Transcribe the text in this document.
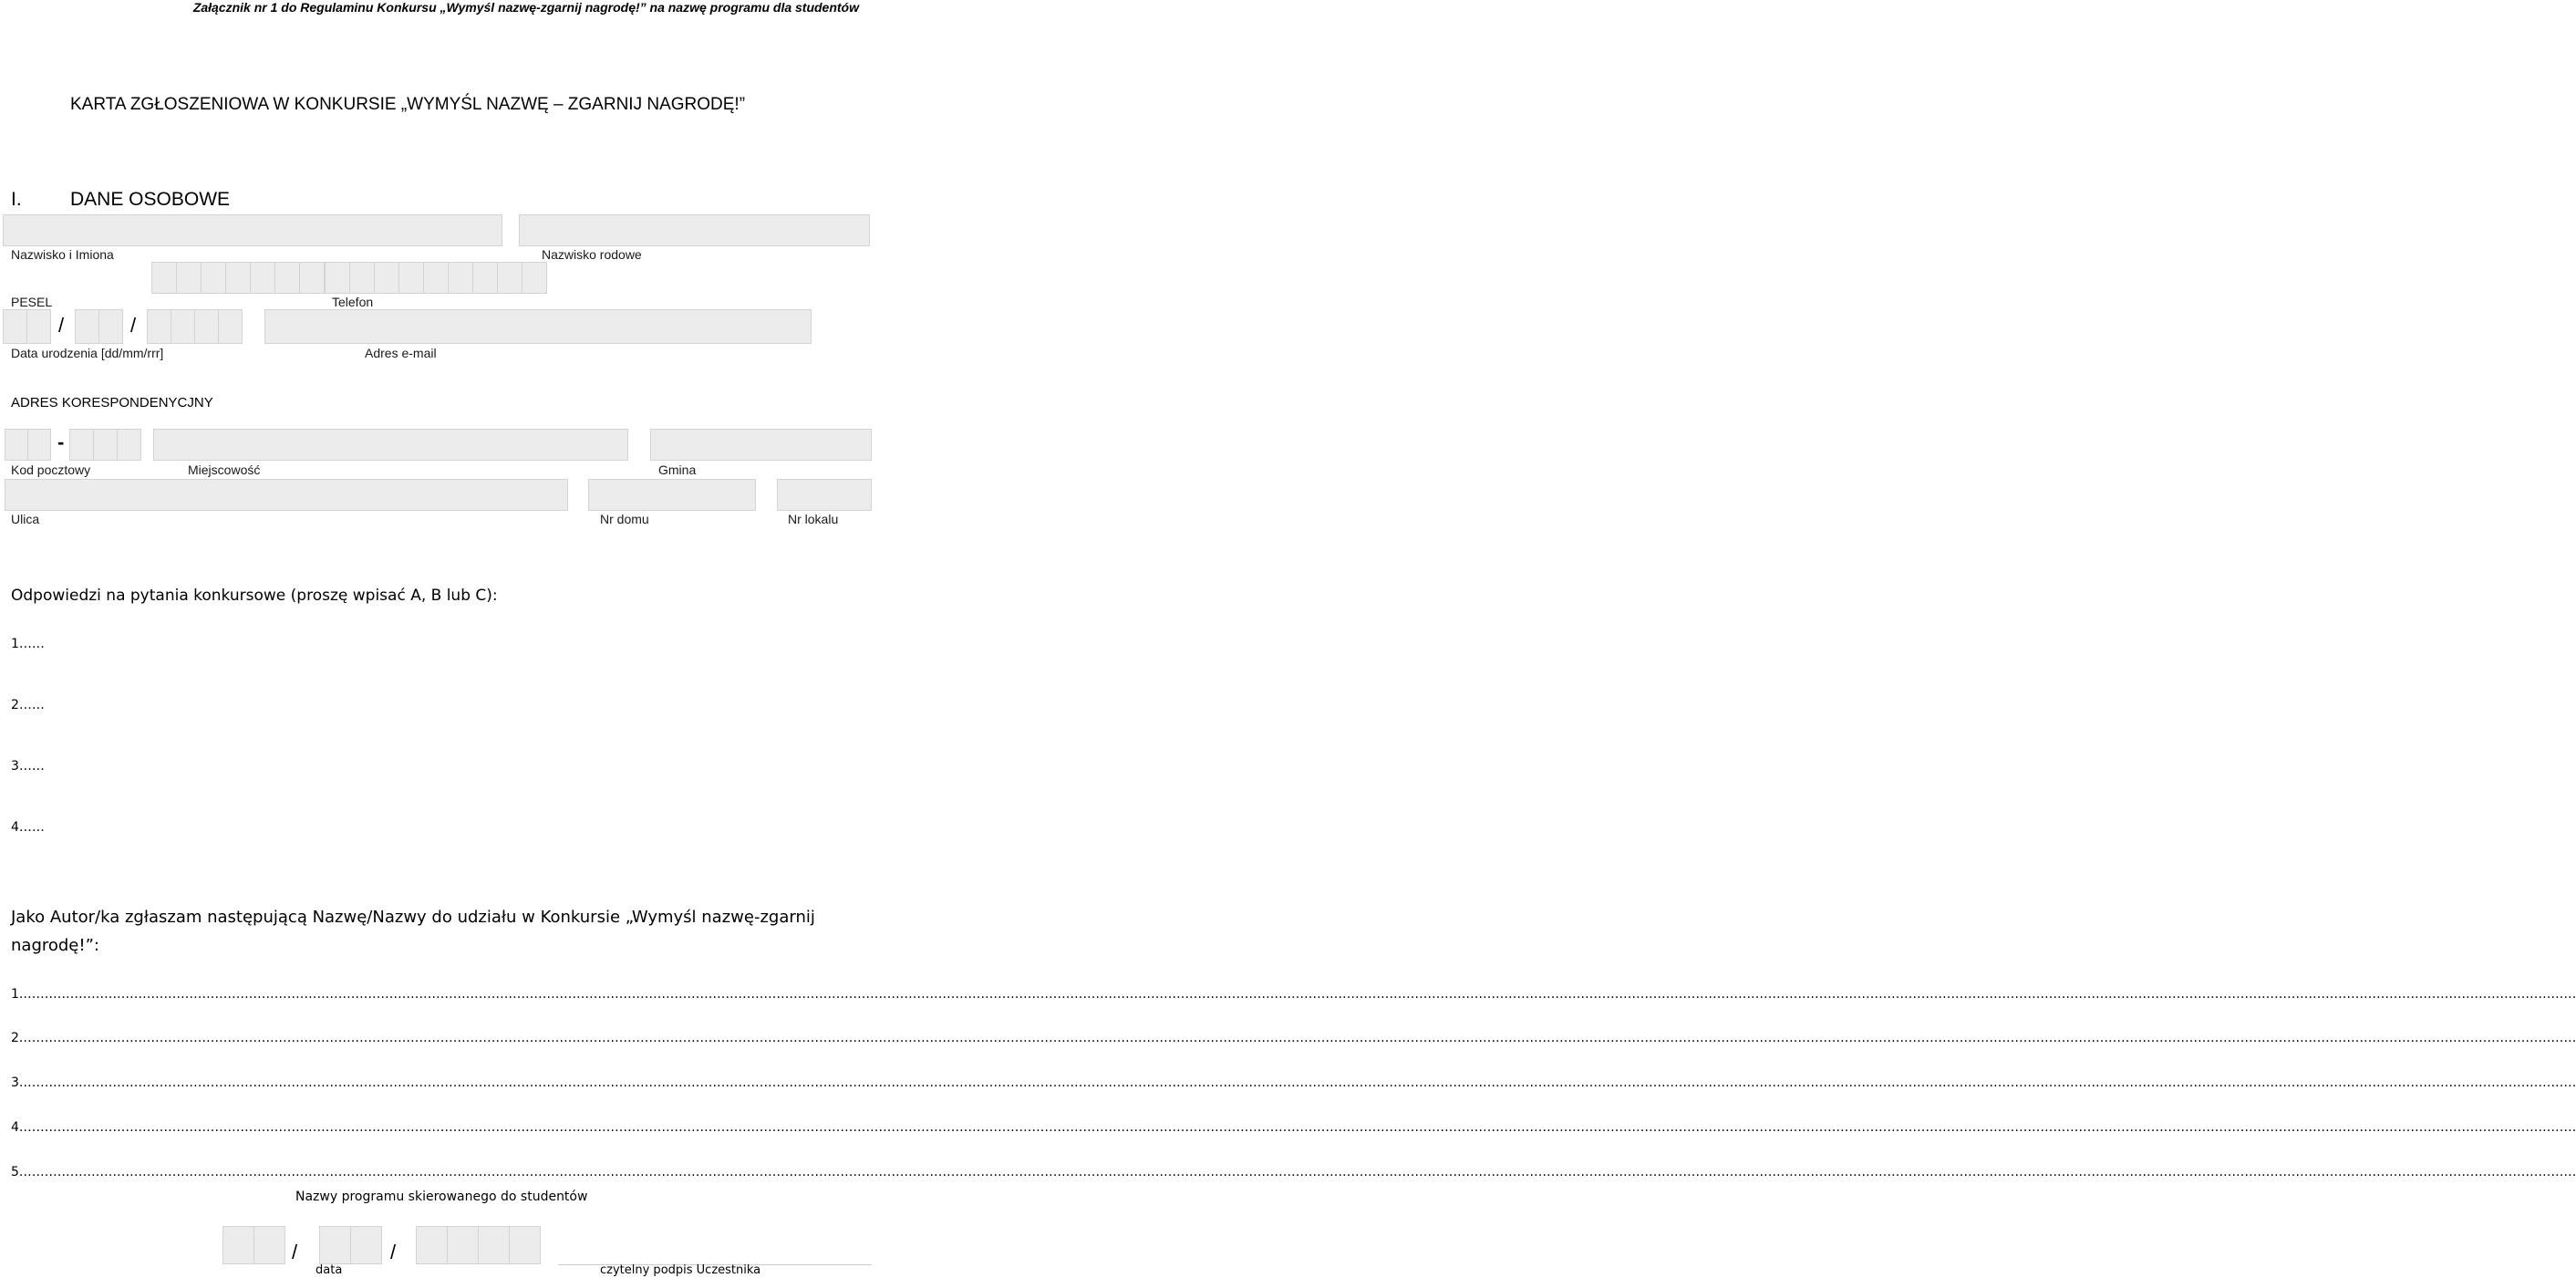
Załącznik nr 1 do Regulaminu Konkursu „Wymyśl nazwę-zgarnij nagrodę!” na nazwę programu dla studentów
KARTA ZGŁOSZENIOWA W KONKURSIE „WYMYŚL NAZWĘ – ZGARNIJ NAGRODĘ!”
I.	DANE OSOBOWE
Nazwisko i Imiona	Nazwisko rodowe
PESEL	Telefon
/	/
Data urodzenia [dd/mm/rrr]	Adres e-mail
ADRES KORESPONDENYCJNY
-
Kod pocztowy	Miejscowość	Gmina
Ulica	Nr domu	Nr lokalu
Odpowiedzi na pytania konkursowe (proszę wpisać A, B lub C):
1……
2……
3……
4……
Jako Autor/ka zgłaszam następującą Nazwę/Nazwy do udziału w Konkursie „Wymyśl nazwę-zgarnij nagrodę!”:
1.……………………………………………………………………………………………………………………………………………………………………………………………………………………………………………………………………………………………………………………………………………………………………………………………………………………………………………………………………………………………………………………………………………………
2.……………………………………………………………………………………………………………………………………………………………………………………………………………………………………………………………………………………………………………………………………………………………………………………………………………………………………………………………………………………………………………………………………………………
3.……………………………………………………………………………………………………………………………………………………………………………………………………………………………………………………………………………………………………………………………………………………………………………………………………………………………………………………………………………………………………………………………………………………
4.……………………………………………………………………………………………………………………………………………………………………………………………………………………………………………………………………………………………………………………………………………………………………………………………………………………………………………………………………………………………………………………………………………………
5.……………………………………………………………………………………………………………………………………………………………………………………………………………………………………………………………………………………………………………………………………………………………………………………………………………………………………………………………………………………………………………………………………………………
Nazwy programu skierowanego do studentów
/	/
data	czytelny podpis Uczestnika
